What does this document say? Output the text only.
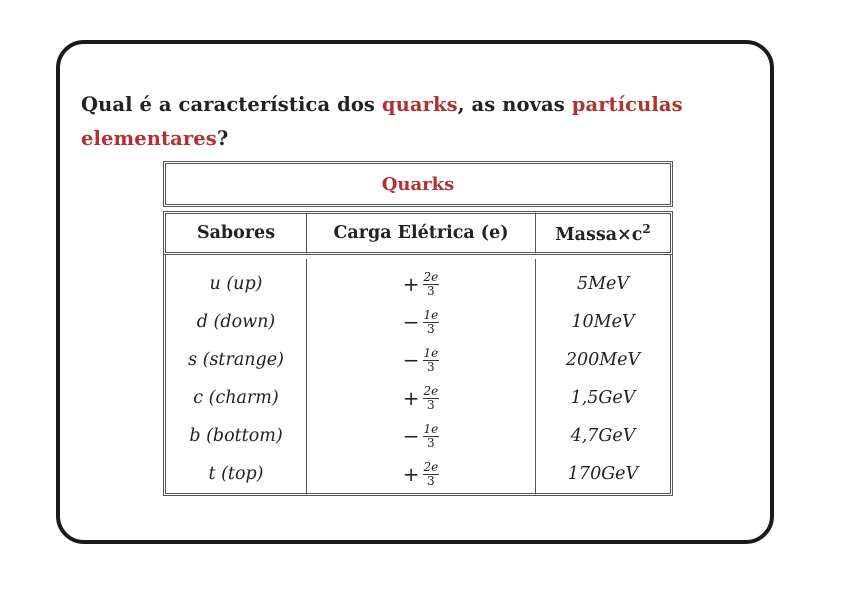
Qual é a característica dos quarks, as novas partículas elementares?
Quarks		

Sabores	Carga Elétrica (e)	$Massa\times c^2$

u (up)	+ $\frac{2e}{3}$	5MeV
d (down)	− $\frac{1e}{3}$	10MeV
s (strange)	− $\frac{1e}{3}$	200MeV
c (charm)	+ $\frac{2e}{3}$	1,5GeV
b (bottom)	− $\frac{1e}{3}$	4,7GeV
t (top)	+ $\frac{2e}{3}$	170GeV
